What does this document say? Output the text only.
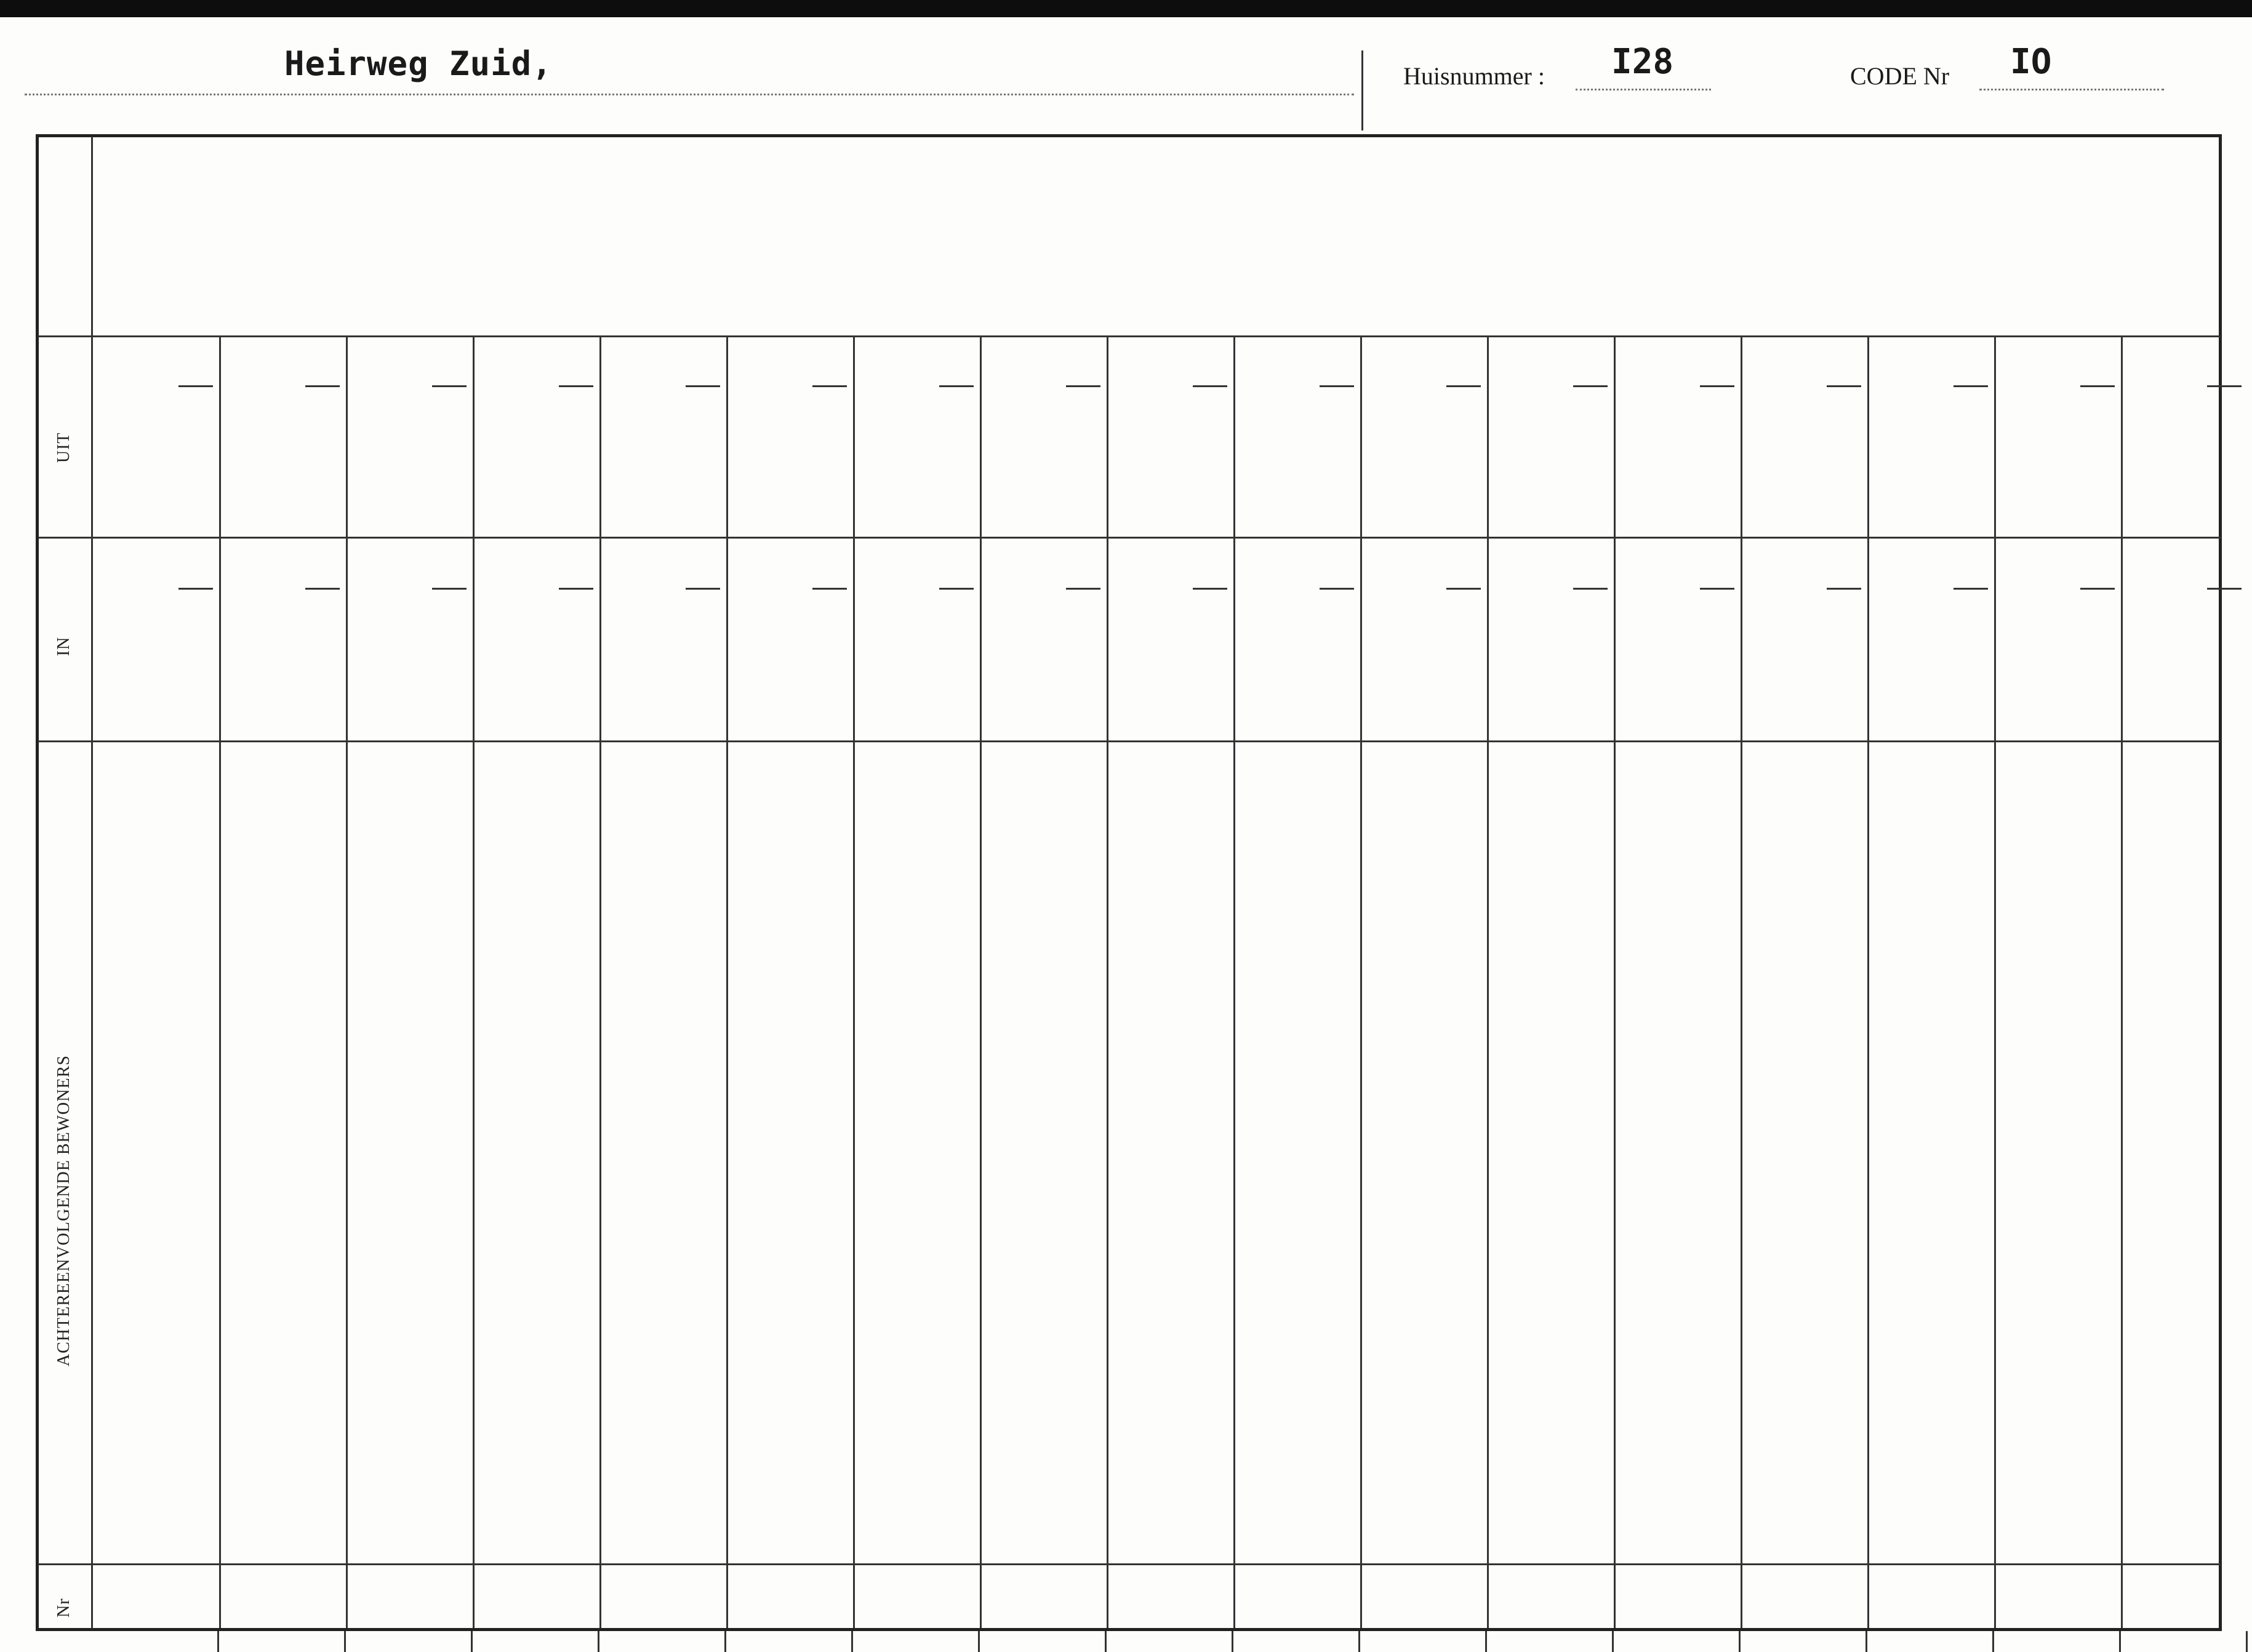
Heirweg Zuid,	Huisnummer : I28	CODE Nr IO
UIT
IN
ACHTEREENVOLGENDE BEWONERS
Nr
